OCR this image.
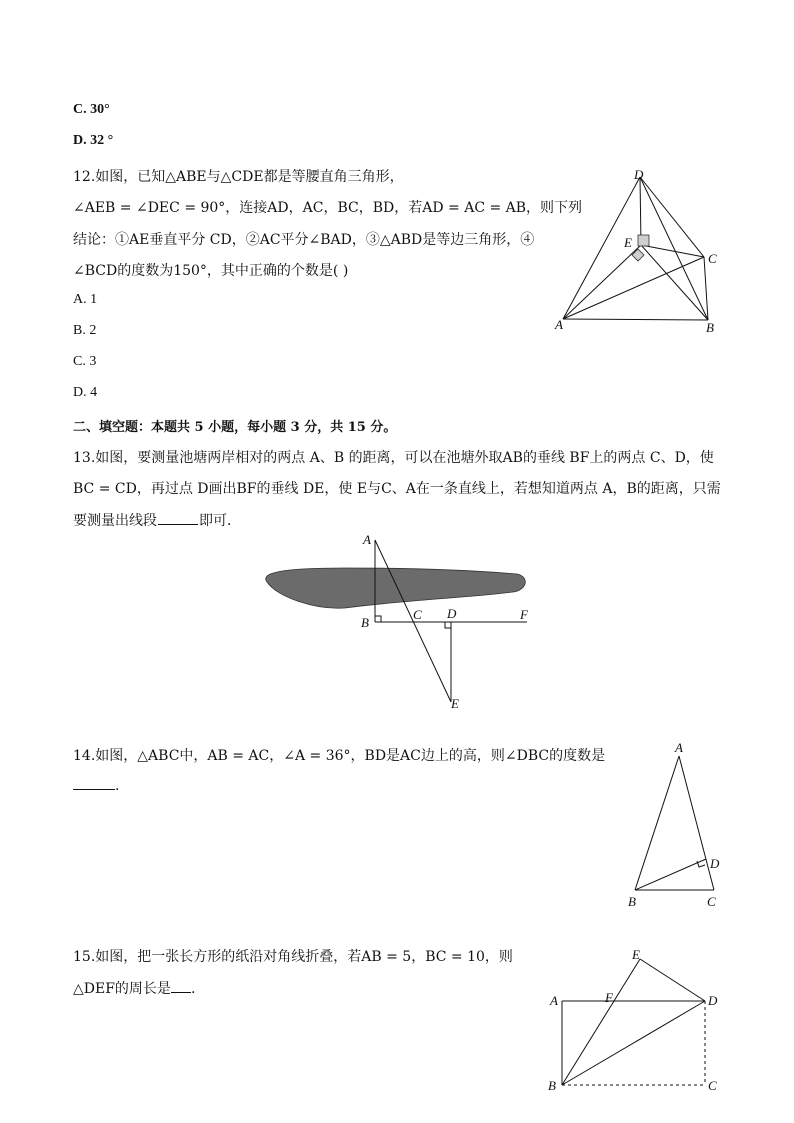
C. 30°
D. 32 °
12.如图，已知△ABE与△CDE都是等腰直角三角形，
∠AEB = ∠DEC = 90°，连接AD，AC，BC，BD，若AD = AC = AB，则下列
结论：①AE垂直平分 CD，②AC平分∠BAD，③△ABD是等边三角形，④
∠BCD的度数为150°，其中正确的个数是( )
A. 1
B. 2
C. 3
D. 4
D
E
C
A	B
二、填空题：本题共 5 小题，每小题 3 分，共 15 分。
13.如图，要测量池塘两岸相对的两点 A、B 的距离，可以在池塘外取AB的垂线 BF上的两点 C、D，使
BC = CD，再过点 D画出BF的垂线 DE，使 E与C、A在一条直线上，若想知道两点 A，B的距离，只需
要测量出线段	即可．
A
B
C D	F
E
14.如图，△ABC中，AB = AC，∠A = 36°，BD是AC边上的高，则∠DBC的度数是
.
A
D
B	C
15.如图，把一张长方形的纸沿对角线折叠，若AB = 5，BC = 10，则
△DEF的周长是 .
E
A	F	D
B	C
